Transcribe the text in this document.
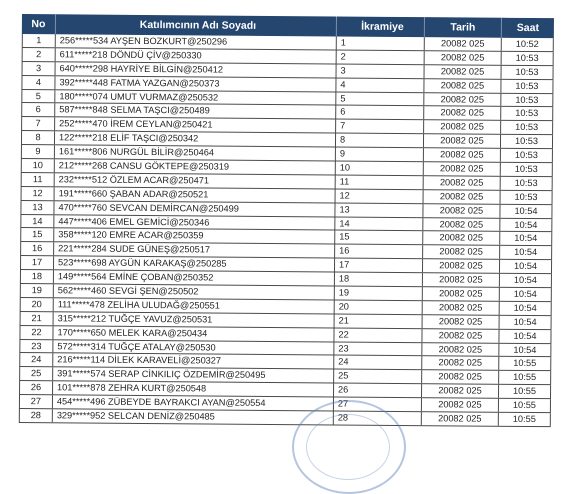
No	Katılımcının Adı Soyadı	İkramiye	Tarih	Saat
1	256*****534 AYŞEN BOZKURT@250296	1	20082 025	10:52
2	611*****218 DÖNDÜ ÇİV@250330	2	20082 025	10:53
3	640*****298 HAYRİYE BİLGİN@250412	3	20082 025	10:53
4	392*****448 FATMA YAZGAN@250373	4	20082 025	10:53
5	180*****074 UMUT VURMAZ@250532	5	20082 025	10:53
6	587*****848 SELMA TAŞCI@250489	6	20082 025	10:53
7	252*****470 İREM CEYLAN@250421	7	20082 025	10:53
8	122*****218 ELİF TAŞCI@250342	8	20082 025	10:53
9	161*****806 NURGÜL BİLİR@250464	9	20082 025	10:53
10	212*****268 CANSU GÖKTEPE@250319	10	20082 025	10:53
11	232*****512 ÖZLEM ACAR@250471	11	20082 025	10:53
12	191*****660 ŞABAN ADAR@250521	12	20082 025	10:53
13	470*****760 SEVCAN DEMİRCAN@250499	13	20082 025	10:54
14	447*****406 EMEL GEMİCİ@250346	14	20082 025	10:54
15	358*****120 EMRE ACAR@250359	15	20082 025	10:54
16	221*****284 SUDE GÜNEŞ@250517	16	20082 025	10:54
17	523*****698 AYGÜN KARAKAŞ@250285	17	20082 025	10:54
18	149*****564 EMİNE ÇOBAN@250352	18	20082 025	10:54
19	562*****460 SEVGİ ŞEN@250502	19	20082 025	10:54
20	111*****478 ZELİHA ULUDAĞ@250551	20	20082 025	10:54
21	315*****212 TUĞÇE YAVUZ@250531	21	20082 025	10:54
22	170*****650 MELEK KARA@250434	22	20082 025	10:54
23	572*****314 TUĞÇE ATALAY@250530	23	20082 025	10:54
24	216*****114 DİLEK KARAVELİ@250327	24	20082 025	10:55
25	391*****574 SERAP CİNKILIÇ ÖZDEMİR@250495	25	20082 025	10:55
26	101*****878 ZEHRA KURT@250548	26	20082 025	10:55
27	454*****496 ZÜBEYDE BAYRAKCI AYAN@250554	27	20082 025	10:55
28	329*****952 SELCAN DENİZ@250485	28	20082 025	10:55
